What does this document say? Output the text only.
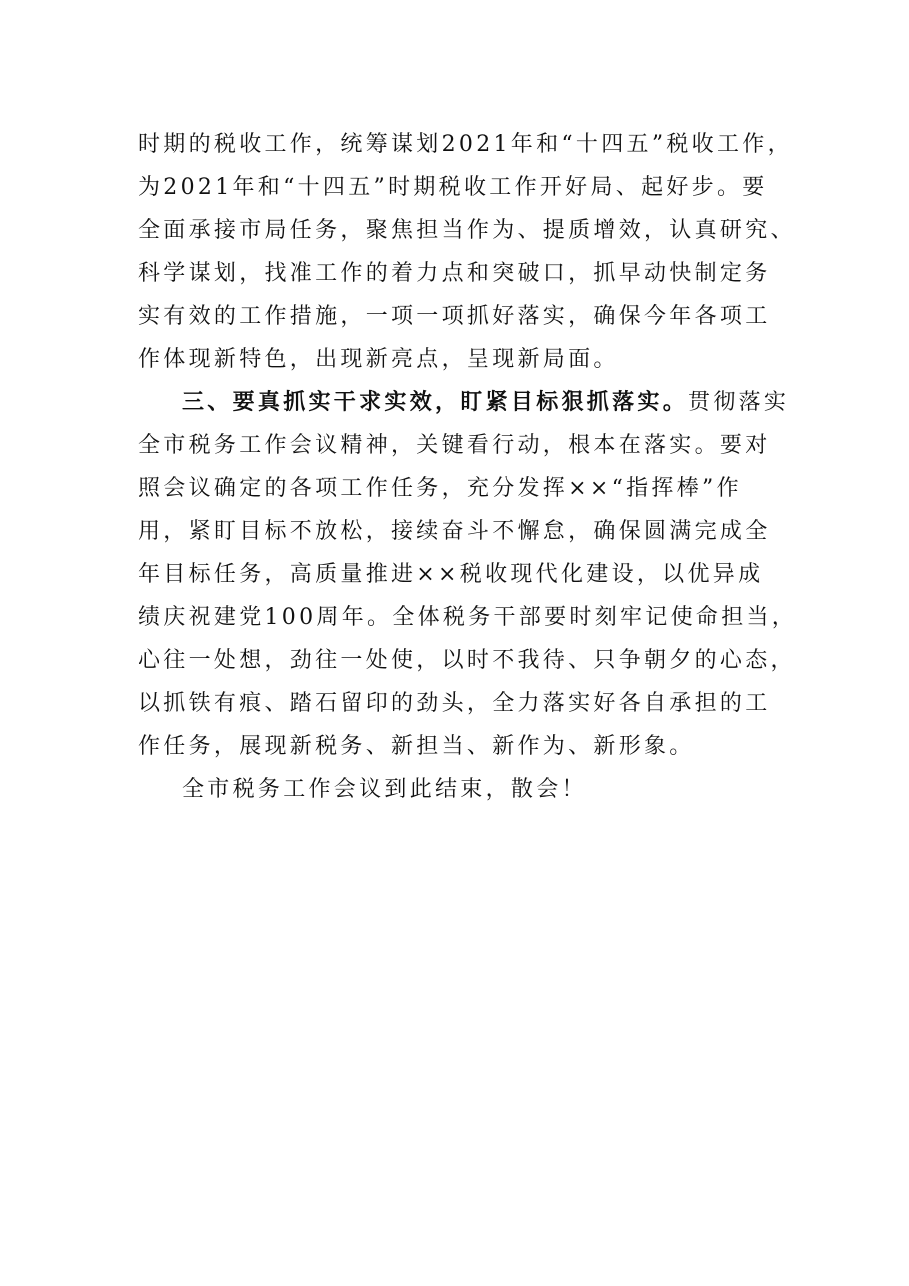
时期的税收工作，统筹谋划2021年和“十四五”税收工作，
为2021年和“十四五”时期税收工作开好局、起好步。要
全面承接市局任务，聚焦担当作为、提质增效，认真研究、
科学谋划，找准工作的着力点和突破口，抓早动快制定务
实有效的工作措施，一项一项抓好落实，确保今年各项工
作体现新特色，出现新亮点，呈现新局面。
三、要真抓实干求实效，盯紧目标狠抓落实。贯彻落实
全市税务工作会议精神，关键看行动，根本在落实。要对
照会议确定的各项工作任务，充分发挥××“指挥棒”作
用，紧盯目标不放松，接续奋斗不懈怠，确保圆满完成全
年目标任务，高质量推进××税收现代化建设，以优异成
绩庆祝建党100周年。全体税务干部要时刻牢记使命担当，
心往一处想，劲往一处使，以时不我待、只争朝夕的心态，
以抓铁有痕、踏石留印的劲头，全力落实好各自承担的工
作任务，展现新税务、新担当、新作为、新形象。
全市税务工作会议到此结束，散会！
